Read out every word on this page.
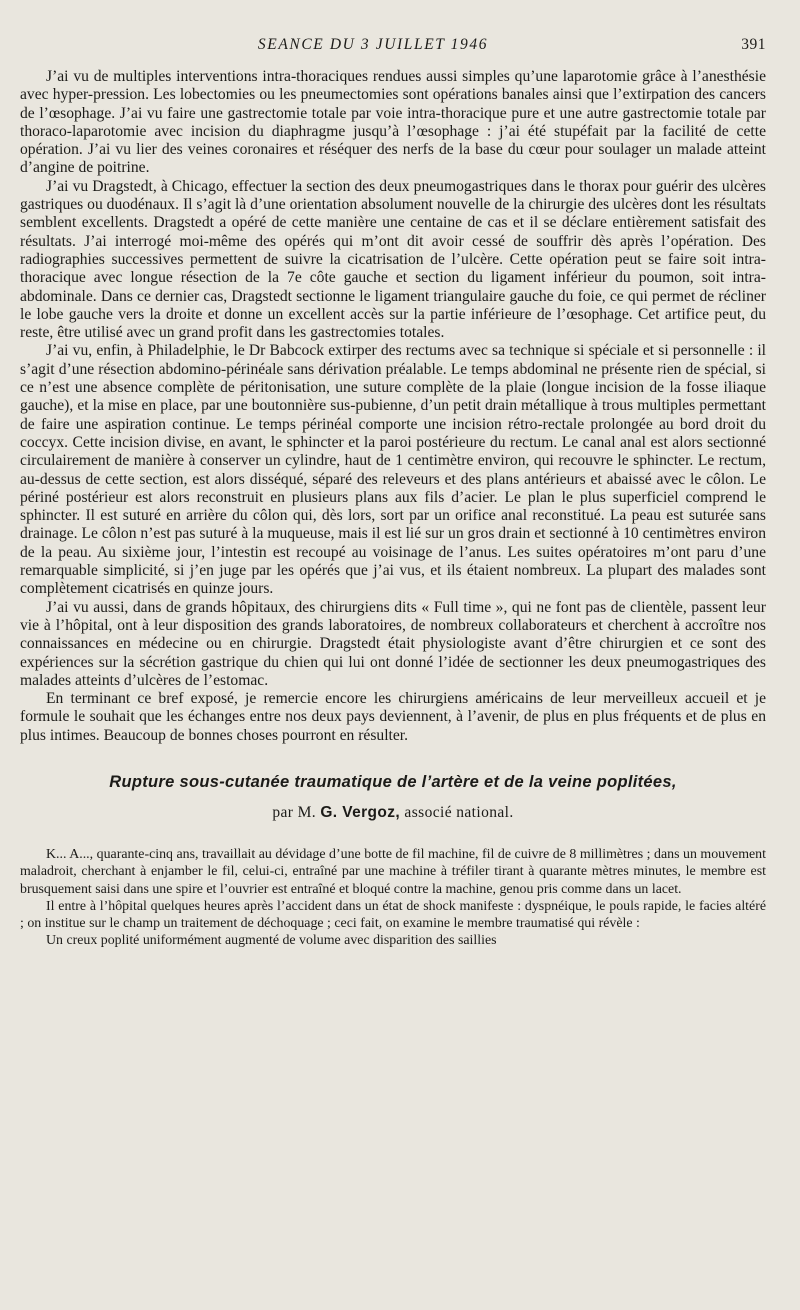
SEANCE DU 3 JUILLET 1946	391

J’ai vu de multiples interventions intra-thoraciques rendues aussi simples qu’une laparotomie grâce à l’anesthésie avec hyper-pression. Les lobectomies ou les pneumectomies sont opérations banales ainsi que l’extirpation des cancers de l’œsophage. J’ai vu faire une gastrectomie totale par voie intra-thoracique pure et une autre gastrectomie totale par thoraco-laparotomie avec incision du diaphragme jusqu’à l’œsophage : j’ai été stupéfait par la facilité de cette opération. J’ai vu lier des veines coronaires et réséquer des nerfs de la base du cœur pour soulager un malade atteint d’angine de poitrine.

J’ai vu Dragstedt, à Chicago, effectuer la section des deux pneumogastriques dans le thorax pour guérir des ulcères gastriques ou duodénaux. Il s’agit là d’une orientation absolument nouvelle de la chirurgie des ulcères dont les résultats semblent excellents. Dragstedt a opéré de cette manière une centaine de cas et il se déclare entièrement satisfait des résultats. J’ai interrogé moi-même des opérés qui m’ont dit avoir cessé de souffrir dès après l’opération. Des radiographies successives permettent de suivre la cicatrisation de l’ulcère. Cette opération peut se faire soit intra-thoracique avec longue résection de la 7e côte gauche et section du ligament inférieur du poumon, soit intra-abdominale. Dans ce dernier cas, Dragstedt sectionne le ligament triangulaire gauche du foie, ce qui permet de récliner le lobe gauche vers la droite et donne un excellent accès sur la partie inférieure de l’œsophage. Cet artifice peut, du reste, être utilisé avec un grand profit dans les gastrectomies totales.

J’ai vu, enfin, à Philadelphie, le Dr Babcock extirper des rectums avec sa technique si spéciale et si personnelle : il s’agit d’une résection abdomino-périnéale sans dérivation préalable. Le temps abdominal ne présente rien de spécial, si ce n’est une absence complète de péritonisation, une suture complète de la plaie (longue incision de la fosse iliaque gauche), et la mise en place, par une boutonnière sus-pubienne, d’un petit drain métallique à trous multiples permettant de faire une aspiration continue. Le temps périnéal comporte une incision rétro-rectale prolongée au bord droit du coccyx. Cette incision divise, en avant, le sphincter et la paroi postérieure du rectum. Le canal anal est alors sectionné circulairement de manière à conserver un cylindre, haut de 1 centimètre environ, qui recouvre le sphincter. Le rectum, au-dessus de cette section, est alors disséqué, séparé des releveurs et des plans antérieurs et abaissé avec le côlon. Le périné postérieur est alors reconstruit en plusieurs plans aux fils d’acier. Le plan le plus superficiel comprend le sphincter. Il est suturé en arrière du côlon qui, dès lors, sort par un orifice anal reconstitué. La peau est suturée sans drainage. Le côlon n’est pas suturé à la muqueuse, mais il est lié sur un gros drain et sectionné à 10 centimètres environ de la peau. Au sixième jour, l’intestin est recoupé au voisinage de l’anus. Les suites opératoires m’ont paru d’une remarquable simplicité, si j’en juge par les opérés que j’ai vus, et ils étaient nombreux. La plupart des malades sont complètement cicatrisés en quinze jours.

J’ai vu aussi, dans de grands hôpitaux, des chirurgiens dits « Full time », qui ne font pas de clientèle, passent leur vie à l’hôpital, ont à leur disposition des grands laboratoires, de nombreux collaborateurs et cherchent à accroître nos connaissances en médecine ou en chirurgie. Dragstedt était physiologiste avant d’être chirurgien et ce sont des expériences sur la sécrétion gastrique du chien qui lui ont donné l’idée de sectionner les deux pneumogastriques des malades atteints d’ulcères de l’estomac.

En terminant ce bref exposé, je remercie encore les chirurgiens américains de leur merveilleux accueil et je formule le souhait que les échanges entre nos deux pays deviennent, à l’avenir, de plus en plus fréquents et de plus en plus intimes. Beaucoup de bonnes choses pourront en résulter.

Rupture sous-cutanée traumatique de l’artère et de la veine poplitées,
par M. G. Vergoz, associé national.

K... A..., quarante-cinq ans, travaillait au dévidage d’une botte de fil machine, fil de cuivre de 8 millimètres ; dans un mouvement maladroit, cherchant à enjamber le fil, celui-ci, entraîné par une machine à tréfiler tirant à quarante mètres minutes, le membre est brusquement saisi dans une spire et l’ouvrier est entraîné et bloqué contre la machine, genou pris comme dans un lacet.

Il entre à l’hôpital quelques heures après l’accident dans un état de shock manifeste : dyspnéique, le pouls rapide, le facies altéré ; on institue sur le champ un traitement de déchoquage ; ceci fait, on examine le membre traumatisé qui révèle :

Un creux poplité uniformément augmenté de volume avec disparition des saillies
